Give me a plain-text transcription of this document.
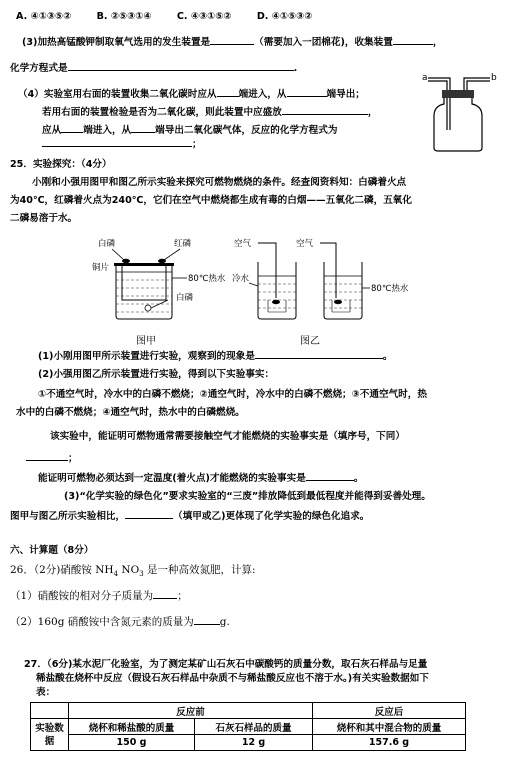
A. ④①③⑤②	B. ②⑤③①④	C. ④③①⑤②	D. ④①⑤③②
(3)加热高锰酸钾制取氧气选用的发生装置是	（需要加入一团棉花)，收集装置	，
化学方程式是	.
（4）实验室用右面的装置收集二氧化碳时应从 端进入，从	端导出；
若用右面的装置检验是否为二氧化碳，则此装置中应盛放	，
应从 端进入，从	端导出二氧化碳气体，反应的化学方程式为
；
a	b
25．实验探究：（4分）
小刚和小强用图甲和图乙所示实验来探究可燃物燃烧的条件。经查阅资料知：白磷着火点
为40℃，红磷着火点为240℃，它们在空气中燃烧都生成有毒的白烟——五氧化二磷，五氧化
二磷易溶于水。
白磷	红磷
铜片
80℃热水
白磷
图甲
空气	空气
冷水
80℃热水
图乙
(1)小刚用图甲所示装置进行实验，观察到的现象是	。
(2)小强用图乙所示装置进行实验，得到以下实验事实：
①不通空气时，冷水中的白磷不燃烧；②通空气时，冷水中的白磷不燃烧；③不通空气时，热
水中的白磷不燃烧；④通空气时，热水中的白磷燃烧。
该实验中，能证明可燃物通常需要接触空气才能燃烧的实验事实是（填序号，下同）
；
能证明可燃物必须达到一定温度(着火点)才能燃烧的实验事实是	。
(3)“化学实验的绿色化”要求实验室的“三废”排放降低到最低程度并能得到妥善处理。
图甲与图乙所示实验相比，	（填甲或乙)更体现了化学实验的绿色化追求。
六、计算题（8分）
26．（2分)硝酸铵 $NH_4$ $NO_3$ 是一种高效氮肥，计算:
（1）硝酸铵的相对分子质量为 ；
（2）160g 硝酸铵中含氮元素的质量为 g.
27．（6分)某水泥厂化验室，为了测定某矿山石灰石中碳酸钙的质量分数，取石灰石样品与足量
稀盐酸在烧杯中反应（假设石灰石样品中杂质不与稀盐酸反应也不溶于水。)有关实验数据如下
表：
	反应前		反应后
实验数据	烧杯和稀盐酸的质量	石灰石样品的质量	烧杯和其中混合物的质量
	150 g	12 g	157.6 g
